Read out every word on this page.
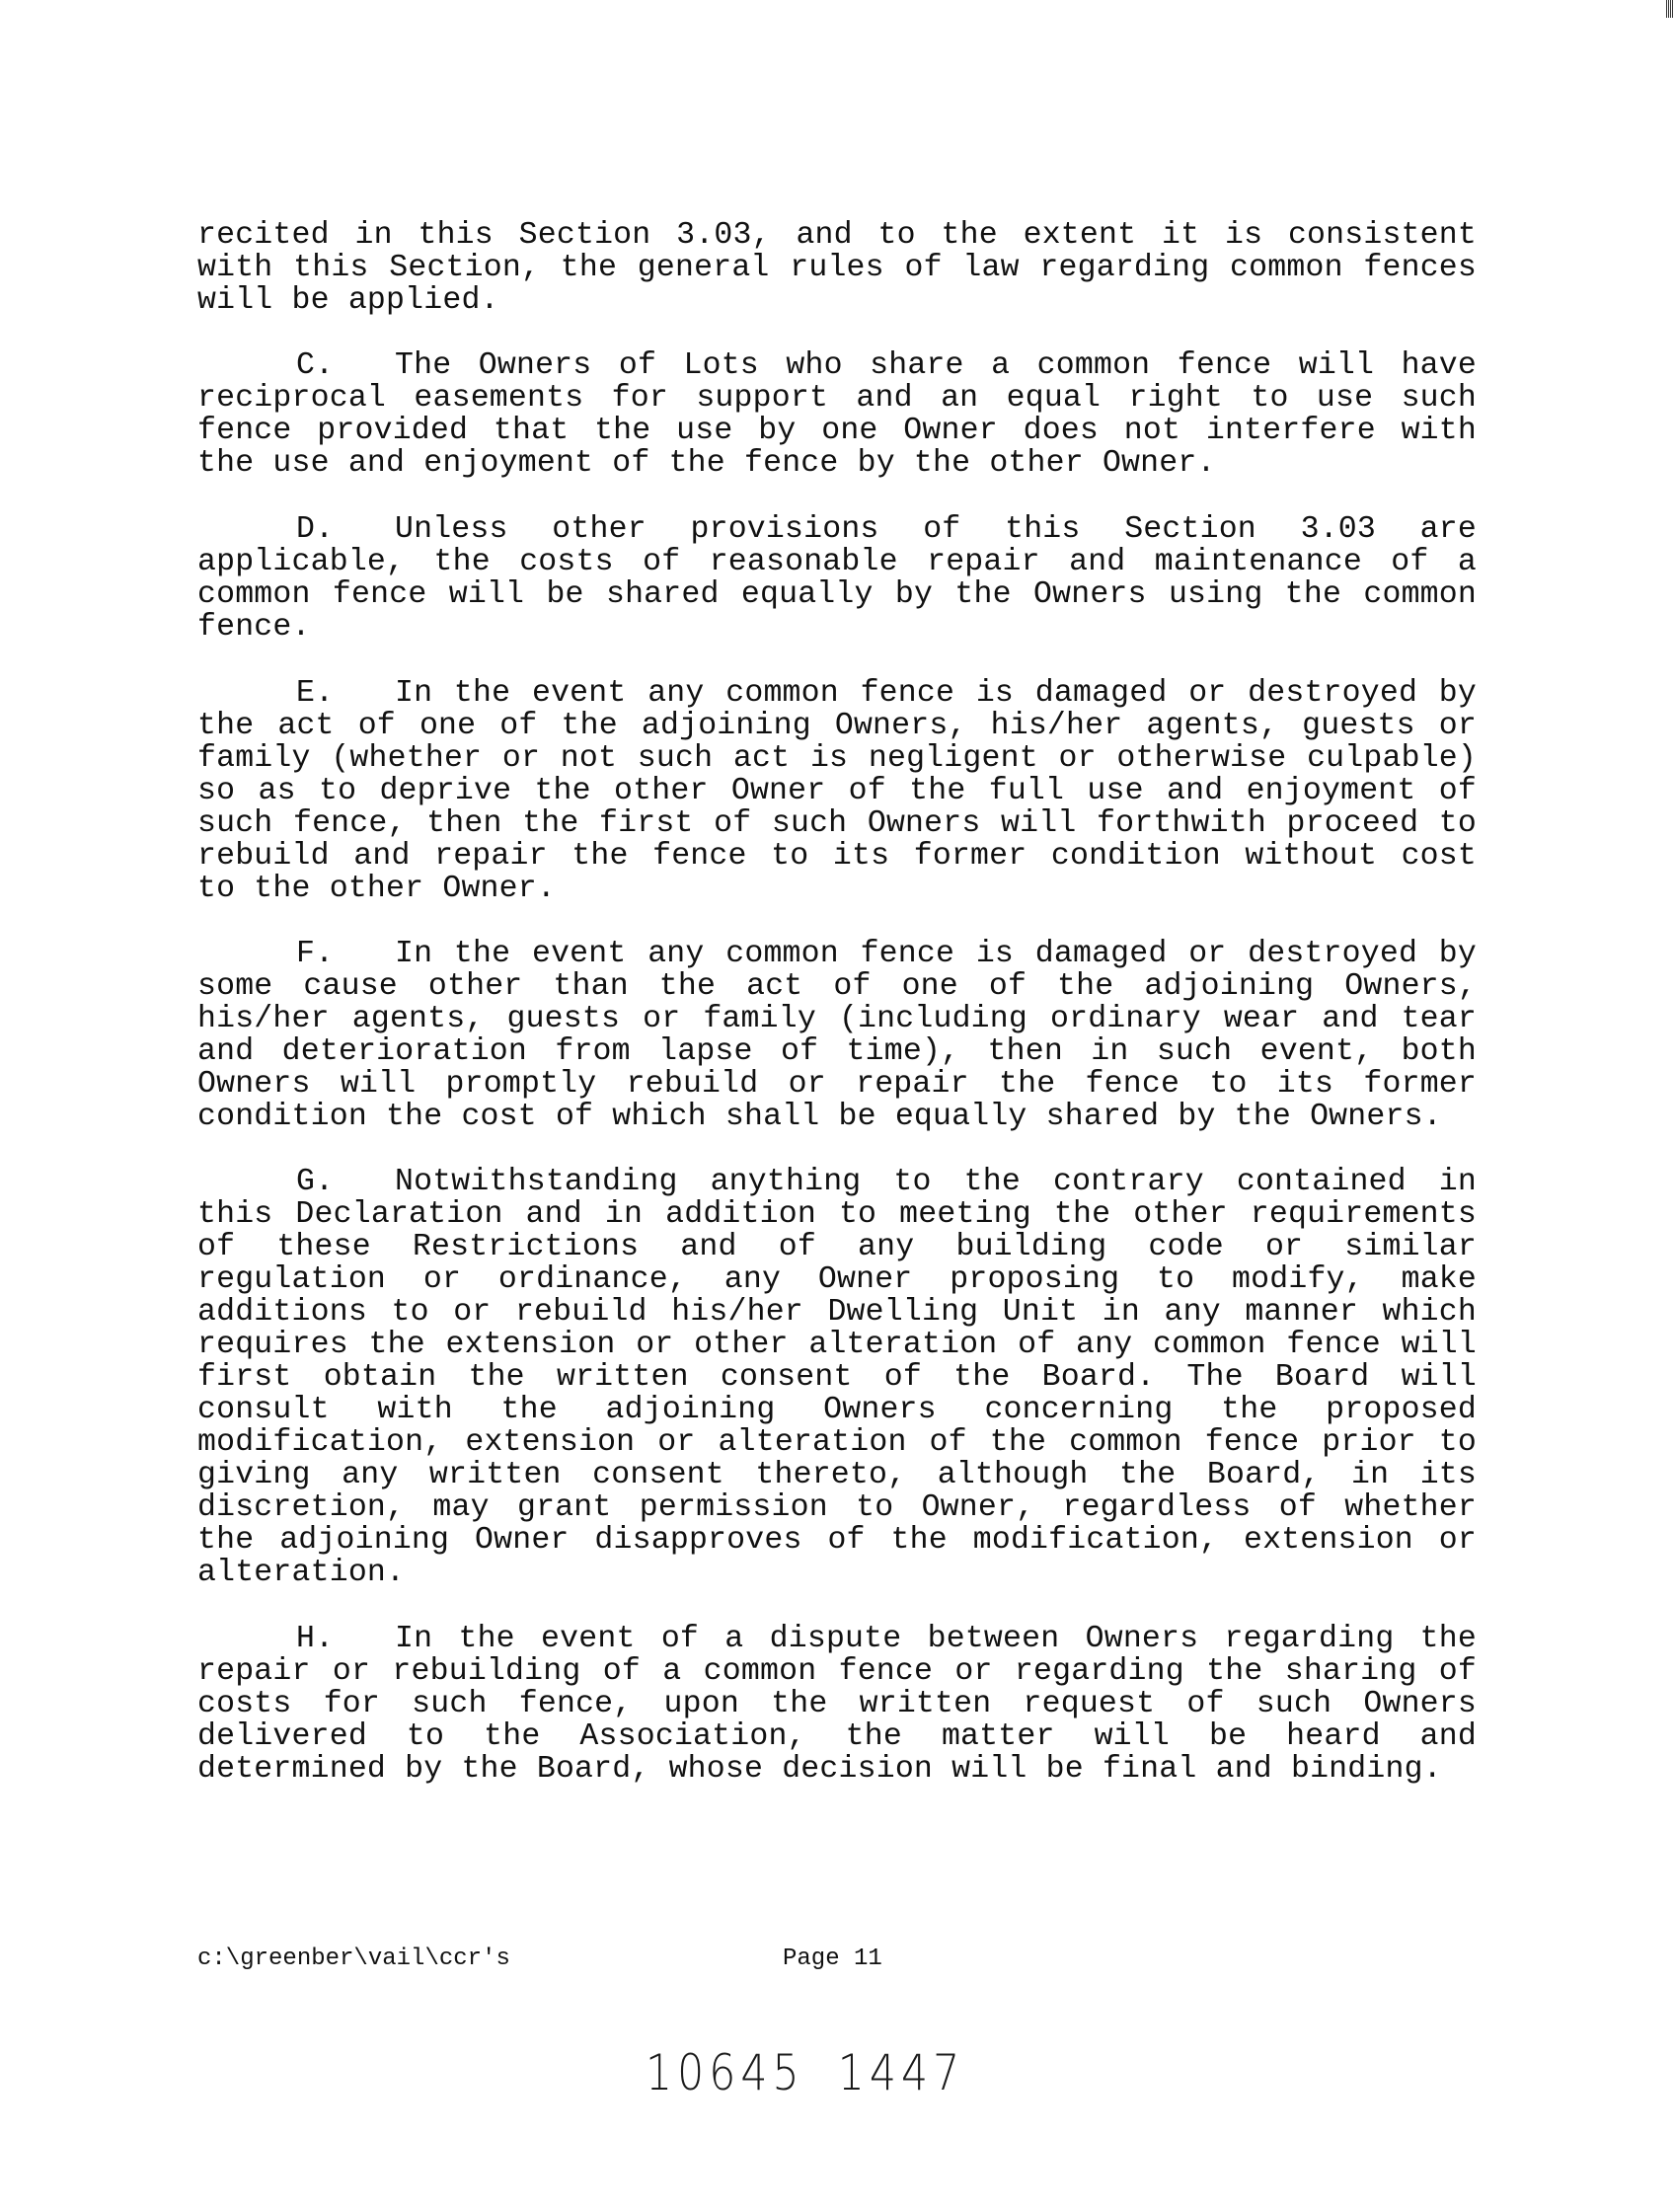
recited in this Section 3.03, and to the extent it is consistent with this Section, the general rules of law regarding common fences will be applied.

C. The Owners of Lots who share a common fence will have reciprocal easements for support and an equal right to use such fence provided that the use by one Owner does not interfere with the use and enjoyment of the fence by the other Owner.

D. Unless other provisions of this Section 3.03 are applicable, the costs of reasonable repair and maintenance of a common fence will be shared equally by the Owners using the common fence.

E. In the event any common fence is damaged or destroyed by the act of one of the adjoining Owners, his/her agents, guests or family (whether or not such act is negligent or otherwise culpable) so as to deprive the other Owner of the full use and enjoyment of such fence, then the first of such Owners will forthwith proceed to rebuild and repair the fence to its former condition without cost to the other Owner.

F. In the event any common fence is damaged or destroyed by some cause other than the act of one of the adjoining Owners, his/her agents, guests or family (including ordinary wear and tear and deterioration from lapse of time), then in such event, both Owners will promptly rebuild or repair the fence to its former condition the cost of which shall be equally shared by the Owners.

G. Notwithstanding anything to the contrary contained in this Declaration and in addition to meeting the other requirements of these Restrictions and of any building code or similar regulation or ordinance, any Owner proposing to modify, make additions to or rebuild his/her Dwelling Unit in any manner which requires the extension or other alteration of any common fence will first obtain the written consent of the Board. The Board will consult with the adjoining Owners concerning the proposed modification, extension or alteration of the common fence prior to giving any written consent thereto, although the Board, in its discretion, may grant permission to Owner, regardless of whether the adjoining Owner disapproves of the modification, extension or alteration.

H. In the event of a dispute between Owners regarding the repair or rebuilding of a common fence or regarding the sharing of costs for such fence, upon the written request of such Owners delivered to the Association, the matter will be heard and determined by the Board, whose decision will be final and binding.

c:\greenber\vail\ccr's	Page 11
10645 1447
